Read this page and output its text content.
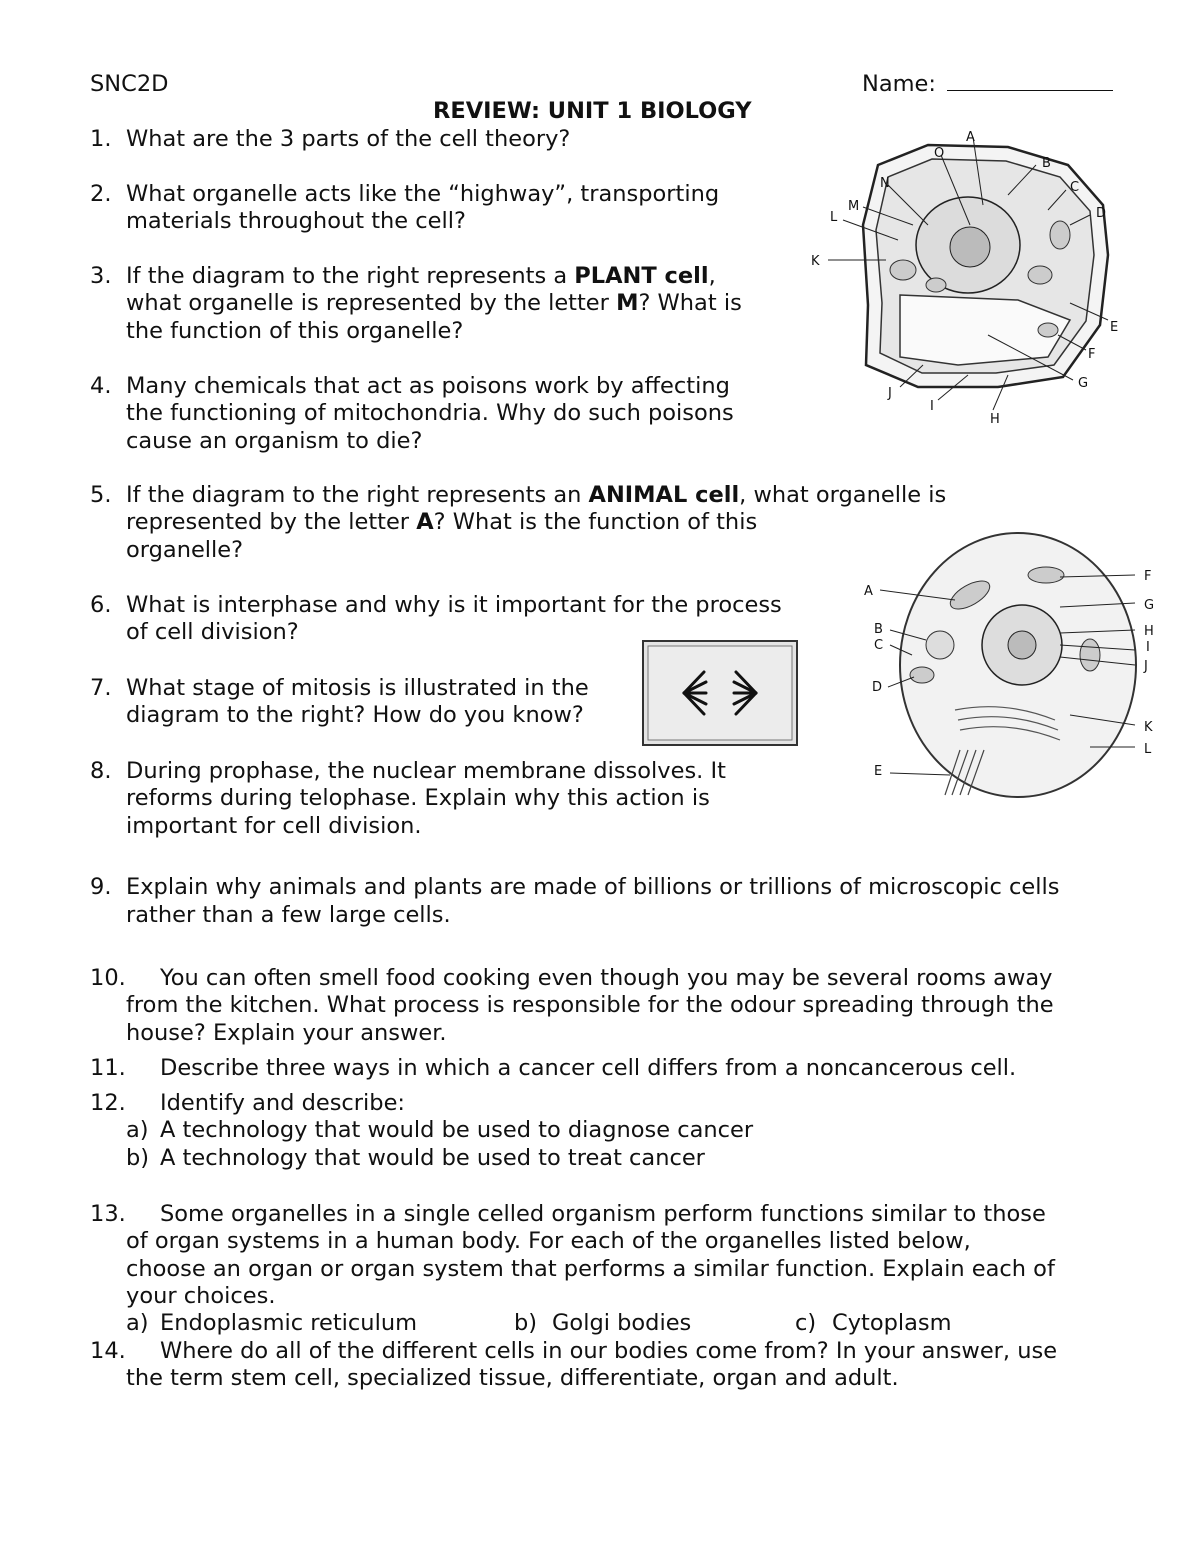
SNC2D	Name:
REVIEW: UNIT 1 BIOLOGY
1. What are the 3 parts of the cell theory?
2. What organelle acts like the “highway”, transporting
materials throughout the cell?
3. If the diagram to the right represents a PLANT cell,
what organelle is represented by the letter M? What is
the function of this organelle?
4. Many chemicals that act as poisons work by affecting
the functioning of mitochondria. Why do such poisons
cause an organism to die?
5. If the diagram to the right represents an ANIMAL cell, what organelle is
represented by the letter A? What is the function of this
organelle?
6. What is interphase and why is it important for the process
of cell division?
7. What stage of mitosis is illustrated in the
diagram to the right? How do you know?
8. During prophase, the nuclear membrane dissolves. It
reforms during telophase. Explain why this action is
important for cell division.
9. Explain why animals and plants are made of billions or trillions of microscopic cells
rather than a few large cells.
10. You can often smell food cooking even though you may be several rooms away
from the kitchen. What process is responsible for the odour spreading through the
house? Explain your answer.
11. Describe three ways in which a cancer cell differs from a noncancerous cell.
12. Identify and describe:
a) A technology that would be used to diagnose cancer
b) A technology that would be used to treat cancer
13. Some organelles in a single celled organism perform functions similar to those
of organ systems in a human body. For each of the organelles listed below,
choose an organ or organ system that performs a similar function. Explain each of
your choices.
a) Endoplasmic reticulum	b) Golgi bodies	c) Cytoplasm
14. Where do all of the different cells in our bodies come from? In your answer, use
the term stem cell, specialized tissue, differentiate, organ and adult.
A
B
C
D
E
F
G
H
I
J
K
L
M
N
O
A
B
C
D
E
F
G
H
I
J
K
L
